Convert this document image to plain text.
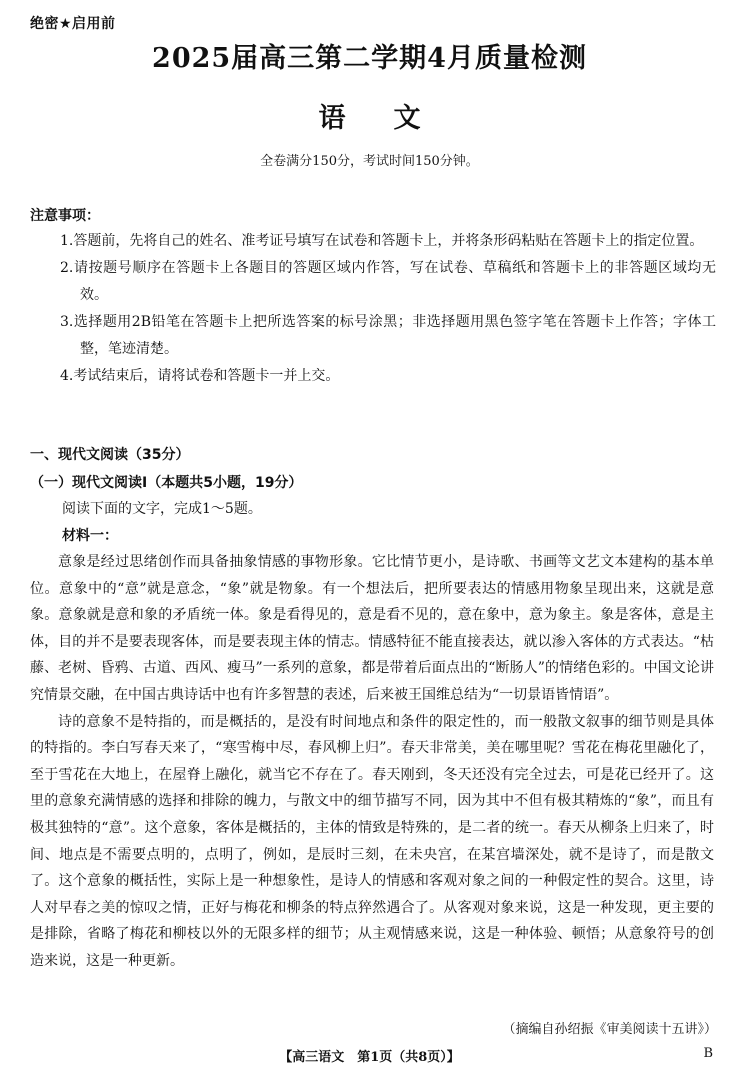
绝密★启用前
2025届高三第二学期4月质量检测
语文
全卷满分150分，考试时间150分钟。
注意事项：

1.答题前，先将自己的姓名、准考证号填写在试卷和答题卡上，并将条形码粘贴在答题卡上的指定位置。

2.请按题号顺序在答题卡上各题目的答题区域内作答，写在试卷、草稿纸和答题卡上的非答题区域均无效。

3.选择题用2B铅笔在答题卡上把所选答案的标号涂黑；非选择题用黑色签字笔在答题卡上作答；字体工整，笔迹清楚。

4.考试结束后，请将试卷和答题卡一并上交。

一、现代文阅读（35分）
（一）现代文阅读Ⅰ（本题共5小题，19分）
阅读下面的文字，完成1～5题。
材料一：

意象是经过思绪创作而具备抽象情感的事物形象。它比情节更小，是诗歌、书画等文艺文本建构的基本单位。意象中的“意”就是意念，“象”就是物象。有一个想法后，把所要表达的情感用物象呈现出来，这就是意象。意象就是意和象的矛盾统一体。象是看得见的，意是看不见的，意在象中，意为象主。象是客体，意是主体，目的并不是要表现客体，而是要表现主体的情志。情感特征不能直接表达，就以渗入客体的方式表达。“枯藤、老树、昏鸦、古道、西风、瘦马”一系列的意象，都是带着后面点出的“断肠人”的情绪色彩的。中国文论讲究情景交融，在中国古典诗话中也有许多智慧的表述，后来被王国维总结为“一切景语皆情语”。

诗的意象不是特指的，而是概括的，是没有时间地点和条件的限定性的，而一般散文叙事的细节则是具体的特指的。李白写春天来了，“寒雪梅中尽，春风柳上归”。春天非常美，美在哪里呢？雪花在梅花里融化了，至于雪花在大地上，在屋脊上融化，就当它不存在了。春天刚到，冬天还没有完全过去，可是花已经开了。这里的意象充满情感的选择和排除的魄力，与散文中的细节描写不同，因为其中不但有极其精炼的“象”，而且有极其独特的“意”。这个意象，客体是概括的，主体的情致是特殊的，是二者的统一。春天从柳条上归来了，时间、地点是不需要点明的，点明了，例如，是辰时三刻，在未央宫，在某宫墙深处，就不是诗了，而是散文了。这个意象的概括性，实际上是一种想象性，是诗人的情感和客观对象之间的一种假定性的契合。这里，诗人对早春之美的惊叹之情，正好与梅花和柳条的特点猝然遇合了。从客观对象来说，这是一种发现，更主要的是排除，省略了梅花和柳枝以外的无限多样的细节；从主观情感来说，这是一种体验、顿悟；从意象符号的创造来说，这是一种更新。

（摘编自孙绍振《审美阅读十五讲》）
【高三语文　第1页（共8页）】	B
